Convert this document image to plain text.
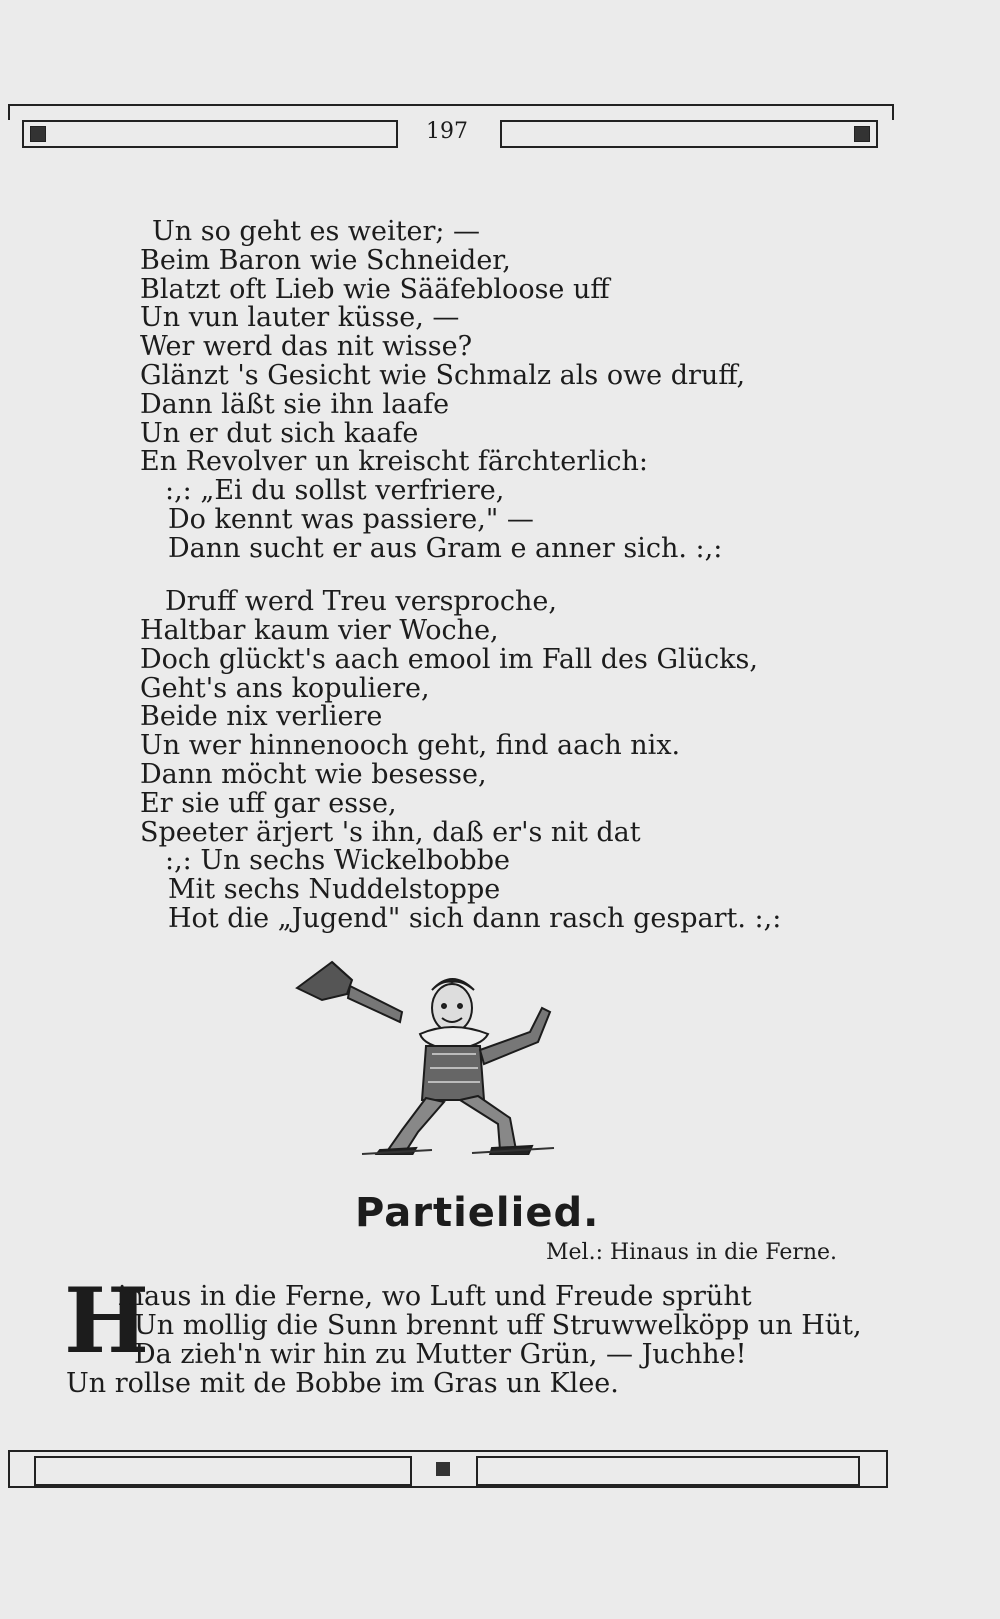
197
Un so geht es weiter; —
Beim Baron wie Schneider,
Blatzt oft Lieb wie Sääfebloose uff
Un vun lauter küsse, —
Wer werd das nit wisse?
Glänzt 's Gesicht wie Schmalz als owe druff,
Dann läßt sie ihn laafe
Un er dut sich kaafe
En Revolver un kreischt färchterlich:
:,: „Ei du sollst verfriere,
Do kennt was passiere," —
Dann sucht er aus Gram e anner sich. :,:
Druff werd Treu versproche,
Haltbar kaum vier Woche,
Doch glückt's aach emool im Fall des Glücks,
Geht's ans kopuliere,
Beide nix verliere
Un wer hinnenooch geht, find aach nix.
Dann möcht wie besesse,
Er sie uff gar esse,
Speeter ärjert 's ihn, daß er's nit dat
:,: Un sechs Wickelbobbe
Mit sechs Nuddelstoppe
Hot die „Jugend" sich dann rasch gespart. :,:
Partielied.
Mel.: Hinaus in die Ferne.
H
inaus in die Ferne, wo Luft und Freude sprüht
Un mollig die Sunn brennt uff Struwwelköpp un Hüt,
Da zieh'n wir hin zu Mutter Grün, — Juchhe!
Un rollse mit de Bobbe im Gras un Klee.
